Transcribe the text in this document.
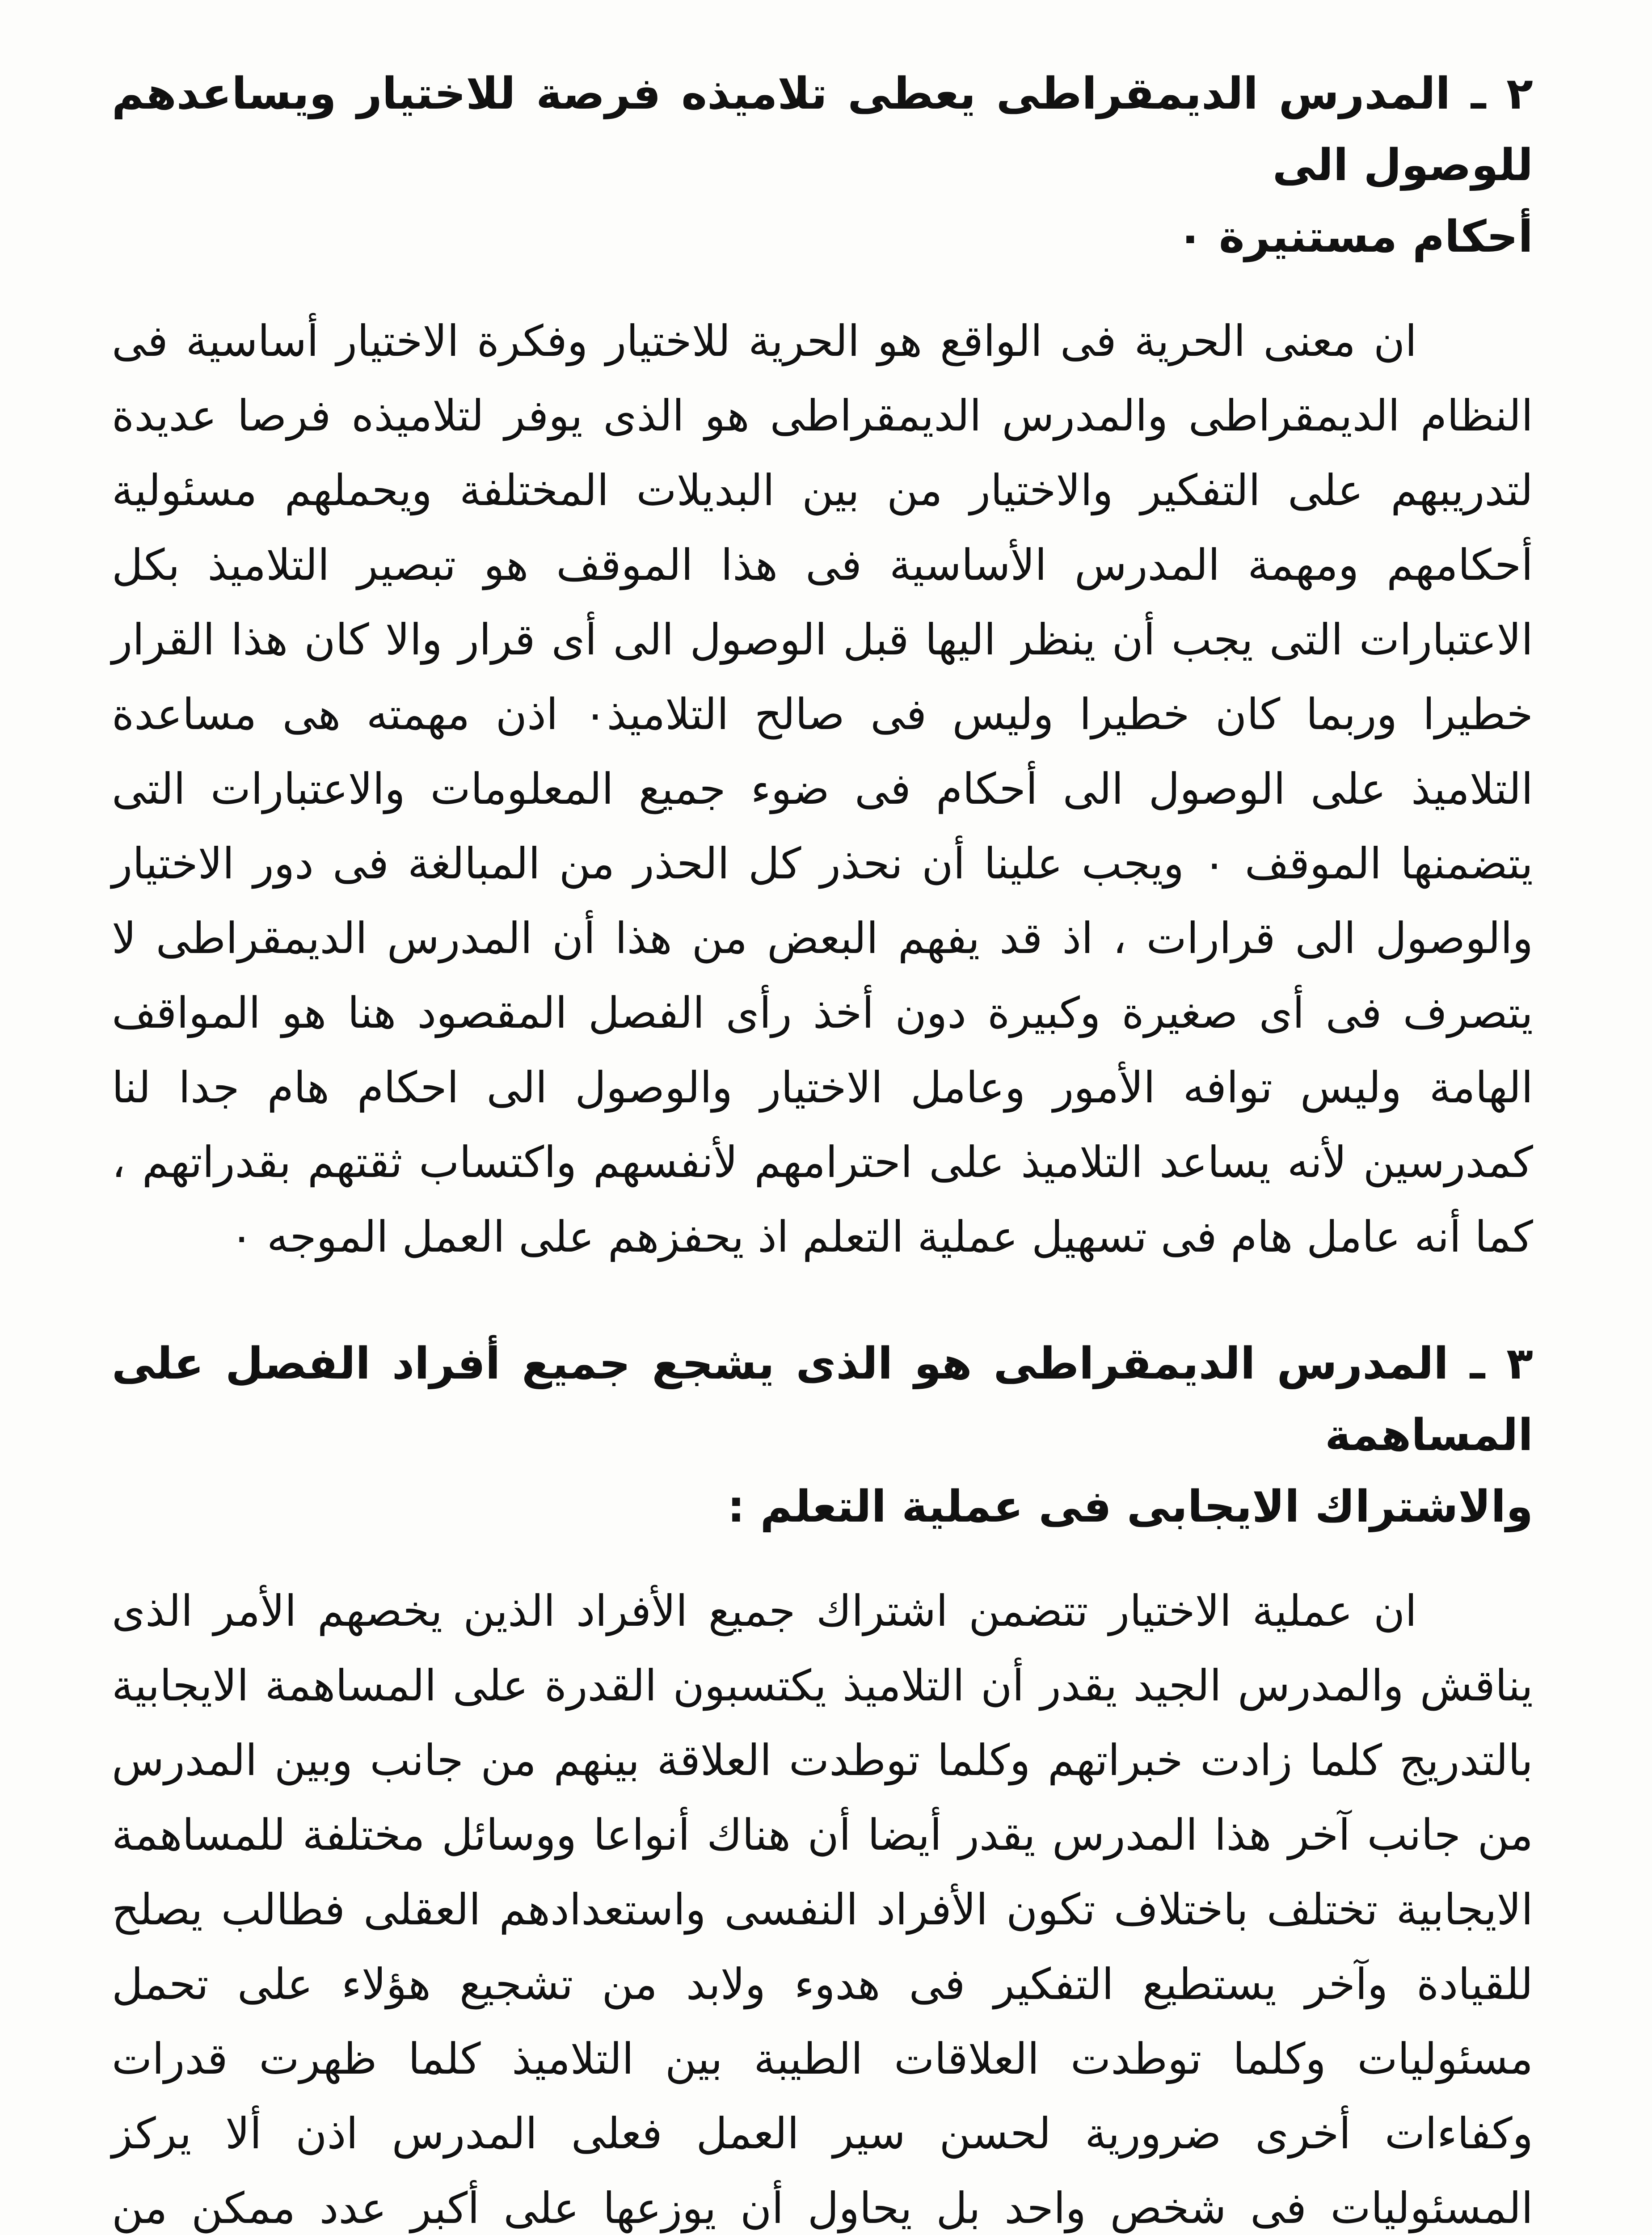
٢ ـ المدرس الديمقراطى يعطى تلاميذه فرصة للاختيار ويساعدهم للوصول الى
أحكام مستنيرة ٠

ان معنى الحرية فى الواقع هو الحرية للاختيار وفكرة الاختيار أساسية فى النظام الديمقراطى والمدرس الديمقراطى هو الذى يوفر لتلاميذه فرصا عديدة لتدريبهم على التفكير والاختيار من بين البديلات المختلفة ويحملهم مسئولية أحكامهم ومهمة المدرس الأساسية فى هذا الموقف هو تبصير التلاميذ بكل الاعتبارات التى يجب أن ينظر اليها قبل الوصول الى أى قرار والا كان هذا القرار خطيرا وربما كان خطيرا وليس فى صالح التلاميذ٠ اذن مهمته هى مساعدة التلاميذ على الوصول الى أحكام فى ضوء جميع المعلومات والاعتبارات التى يتضمنها الموقف ٠ ويجب علينا أن نحذر كل الحذر من المبالغة فى دور الاختيار والوصول الى قرارات ، اذ قد يفهم البعض من هذا أن المدرس الديمقراطى لا يتصرف فى أى صغيرة وكبيرة دون أخذ رأى الفصل المقصود هنا هو المواقف الهامة وليس توافه الأمور وعامل الاختيار والوصول الى احكام هام جدا لنا كمدرسين لأنه يساعد التلاميذ على احترامهم لأنفسهم واكتساب ثقتهم بقدراتهم ، كما أنه عامل هام فى تسهيل عملية التعلم اذ يحفزهم على العمل الموجه ٠

٣ ـ المدرس الديمقراطى هو الذى يشجع جميع أفراد الفصل على المساهمة
والاشتراك الايجابى فى عملية التعلم :

ان عملية الاختيار تتضمن اشتراك جميع الأفراد الذين يخصهم الأمر الذى يناقش والمدرس الجيد يقدر أن التلاميذ يكتسبون القدرة على المساهمة الايجابية بالتدريج كلما زادت خبراتهم وكلما توطدت العلاقة بينهم من جانب وبين المدرس من جانب آخر هذا المدرس يقدر أيضا أن هناك أنواعا ووسائل مختلفة للمساهمة الايجابية تختلف باختلاف تكون الأفراد النفسى واستعدادهم العقلى فطالب يصلح للقيادة وآخر يستطيع التفكير فى هدوء ولابد من تشجيع هؤلاء على تحمل مسئوليات وكلما توطدت العلاقات الطيبة بين التلاميذ كلما ظهرت قدرات وكفاءات أخرى ضرورية لحسن سير العمل فعلى المدرس اذن ألا يركز المسئوليات فى شخص واحد بل يحاول أن يوزعها على أكبر عدد ممكن من
